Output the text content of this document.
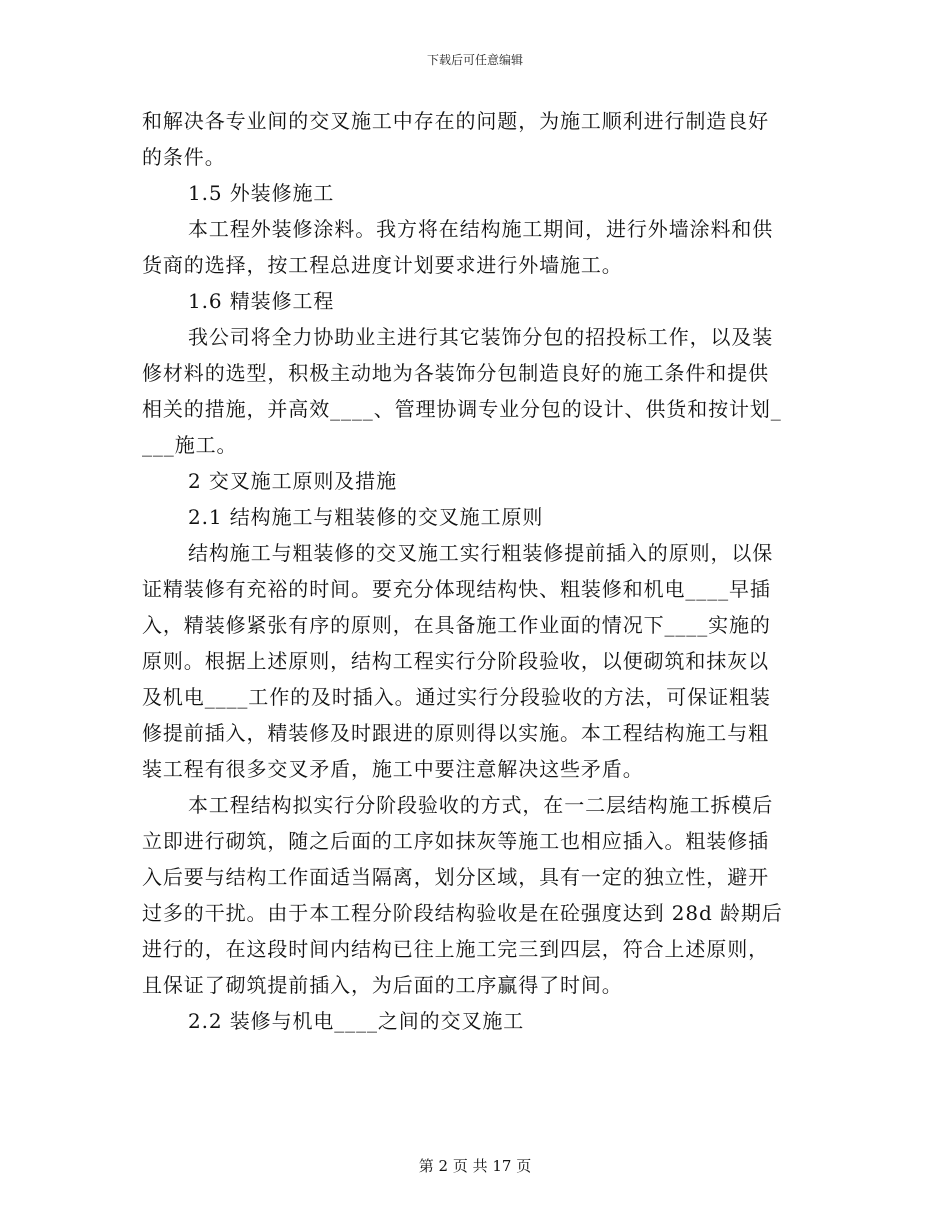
下载后可任意编辑

和解决各专业间的交叉施工中存在的问题，为施工顺利进行制造良好

的条件。

1.5 外装修施工

本工程外装修涂料。我方将在结构施工期间，进行外墙涂料和供

货商的选择，按工程总进度计划要求进行外墙施工。

1.6 精装修工程

我公司将全力协助业主进行其它装饰分包的招投标工作，以及装

修材料的选型，积极主动地为各装饰分包制造良好的施工条件和提供

相关的措施，并高效____、管理协调专业分包的设计、供货和按计划_

___施工。

2 交叉施工原则及措施

2.1 结构施工与粗装修的交叉施工原则

结构施工与粗装修的交叉施工实行粗装修提前插入的原则，以保

证精装修有充裕的时间。要充分体现结构快、粗装修和机电____早插

入，精装修紧张有序的原则，在具备施工作业面的情况下____实施的

原则。根据上述原则，结构工程实行分阶段验收，以便砌筑和抹灰以

及机电____工作的及时插入。通过实行分段验收的方法，可保证粗装

修提前插入，精装修及时跟进的原则得以实施。本工程结构施工与粗

装工程有很多交叉矛盾，施工中要注意解决这些矛盾。

本工程结构拟实行分阶段验收的方式，在一二层结构施工拆模后

立即进行砌筑，随之后面的工序如抹灰等施工也相应插入。粗装修插

入后要与结构工作面适当隔离，划分区域，具有一定的独立性，避开

过多的干扰。由于本工程分阶段结构验收是在砼强度达到 28d 龄期后

进行的，在这段时间内结构已往上施工完三到四层，符合上述原则，

且保证了砌筑提前插入，为后面的工序赢得了时间。

2.2 装修与机电____之间的交叉施工

第 2 页 共 17 页
